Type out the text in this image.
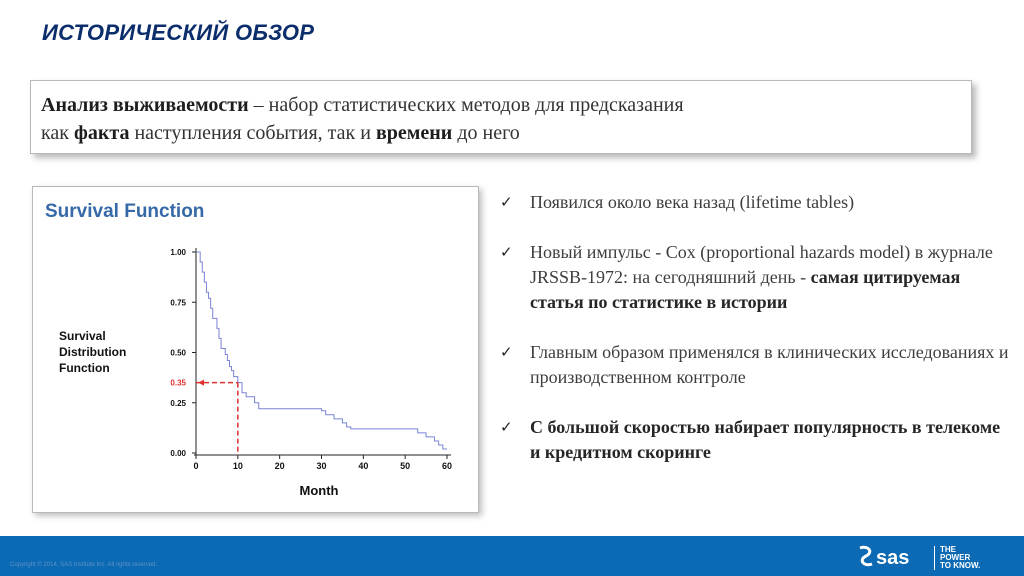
ИСТОРИЧЕСКИЙ ОБЗОР
Анализ выживаемости – набор статистических методов для предсказания
как факта наступления события, так и времени до него
Survival Function
Survival
Distribution
Function
Month
0.00
0.25
0.50
0.75
1.00
0	10	20	30	40	50	60
0.35
✓ Появился около века назад (lifetime tables)
✓ Новый импульс - Cox (proportional hazards model) в журнале JRSSB-1972: на сегодняшний день - самая цитируемая статья по статистике в истории
✓ Главным образом применялся в клинических исследованиях и производственном контроле
✓ С большой скоростью набирает популярность в телекоме и кредитном скоринге
Copyright © 2014, SAS Institute Inc. All rights reserved.	sas	THE
POWER
TO KNOW.
